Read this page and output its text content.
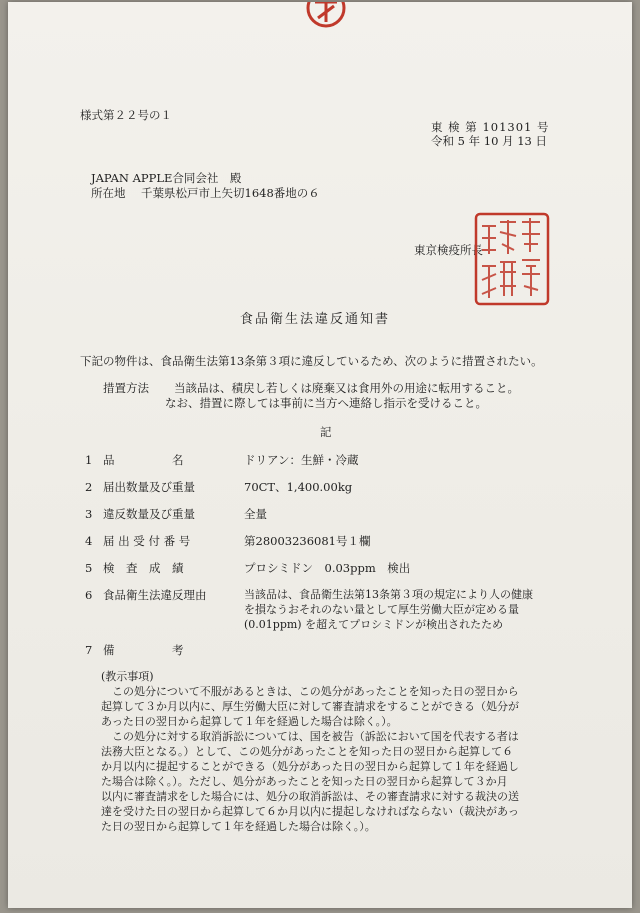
様式第２２号の１
東 検 第 101301 号
令和 5 年 10 月 13 日
JAPAN APPLE合同会社　殿
所在地 千葉県松戸市上矢切1648番地の６
東京検疫所長
食品衛生法違反通知書
下記の物件は、食品衛生法第13条第３項に違反しているため、次のように措置されたい。
措置方法 当該品は、積戻し若しくは廃棄又は食用外の用途に転用すること。
なお、措置に際しては事前に当方へ連絡し指示を受けること。
記
1 品　　　　　名	ドリアン：生鮮・冷蔵
2 届出数量及び重量	70CT、1,400.00kg
3 違反数量及び重量	全量
4 届 出 受 付 番 号	第28003236081号１欄
5 検　査　成　績	プロシミドン　0.03ppm　検出
6 食品衛生法違反理由	当該品は、食品衛生法第13条第３項の規定により人の健康
を損なうおそれのない量として厚生労働大臣が定める量
(0.01ppm) を超えてプロシミドンが検出されたため
7 備　　　　　考
(教示事項)
　この処分について不服があるときは、この処分があったことを知った日の翌日から
起算して３か月以内に、厚生労働大臣に対して審査請求をすることができる（処分が
あった日の翌日から起算して１年を経過した場合は除く。）。
　この処分に対する取消訴訟については、国を被告（訴訟において国を代表する者は
法務大臣となる。）として、この処分があったことを知った日の翌日から起算して６
か月以内に提起することができる（処分があった日の翌日から起算して１年を経過し
た場合は除く。）。ただし、処分があったことを知った日の翌日から起算して３か月
以内に審査請求をした場合には、処分の取消訴訟は、その審査請求に対する裁決の送
達を受けた日の翌日から起算して６か月以内に提起しなければならない（裁決があっ
た日の翌日から起算して１年を経過した場合は除く。）。
